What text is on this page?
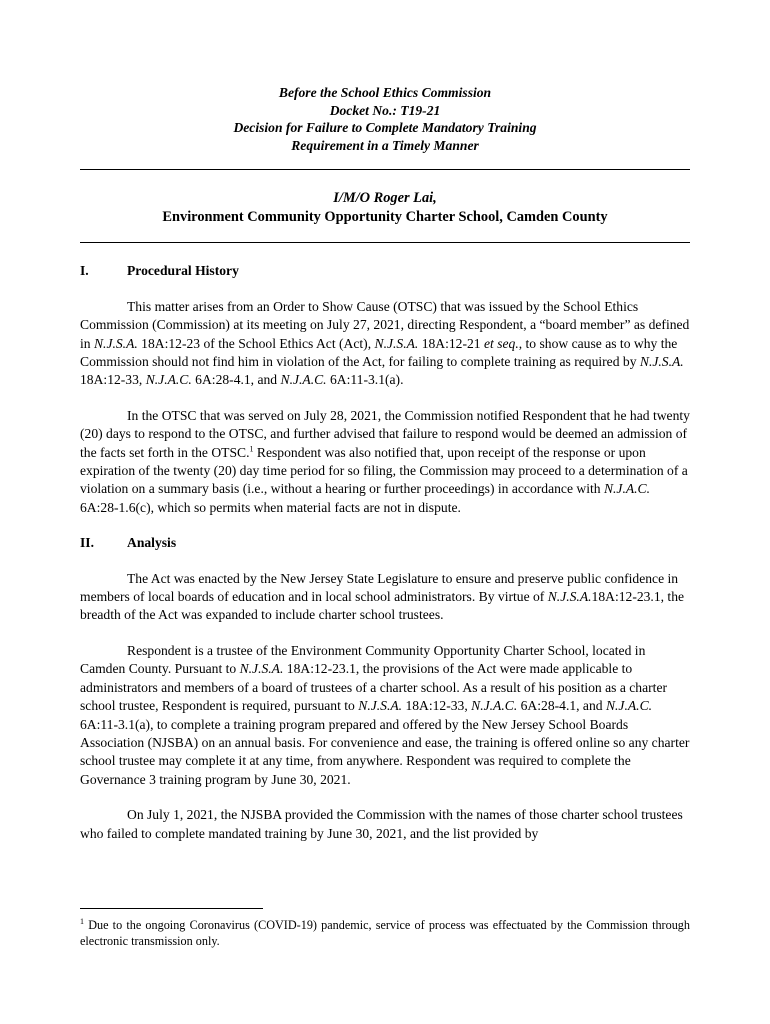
Before the School Ethics Commission
Docket No.: T19-21
Decision for Failure to Complete Mandatory Training
Requirement in a Timely Manner
I/M/O Roger Lai,
Environment Community Opportunity Charter School, Camden County
I.	Procedural History

This matter arises from an Order to Show Cause (OTSC) that was issued by the School Ethics Commission (Commission) at its meeting on July 27, 2021, directing Respondent, a “board member” as defined in N.J.S.A. 18A:12-23 of the School Ethics Act (Act), N.J.S.A. 18A:12-21 et seq., to show cause as to why the Commission should not find him in violation of the Act, for failing to complete training as required by N.J.S.A. 18A:12-33, N.J.A.C. 6A:28-4.1, and N.J.A.C. 6A:11-3.1(a).

In the OTSC that was served on July 28, 2021, the Commission notified Respondent that he had twenty (20) days to respond to the OTSC, and further advised that failure to respond would be deemed an admission of the facts set forth in the OTSC.$^1$ Respondent was also notified that, upon receipt of the response or upon expiration of the twenty (20) day time period for so filing, the Commission may proceed to a determination of a violation on a summary basis (i.e., without a hearing or further proceedings) in accordance with N.J.A.C. 6A:28-1.6(c), which so permits when material facts are not in dispute.

II. Analysis

The Act was enacted by the New Jersey State Legislature to ensure and preserve public confidence in members of local boards of education and in local school administrators. By virtue of N.J.S.A.18A:12-23.1, the breadth of the Act was expanded to include charter school trustees.

Respondent is a trustee of the Environment Community Opportunity Charter School, located in Camden County. Pursuant to N.J.S.A. 18A:12-23.1, the provisions of the Act were made applicable to administrators and members of a board of trustees of a charter school. As a result of his position as a charter school trustee, Respondent is required, pursuant to N.J.S.A. 18A:12-33, N.J.A.C. 6A:28-4.1, and N.J.A.C. 6A:11-3.1(a), to complete a training program prepared and offered by the New Jersey School Boards Association (NJSBA) on an annual basis. For convenience and ease, the training is offered online so any charter school trustee may complete it at any time, from anywhere. Respondent was required to complete the Governance 3 training program by June 30, 2021.

On July 1, 2021, the NJSBA provided the Commission with the names of those charter school trustees who failed to complete mandated training by June 30, 2021, and the list provided by

$^1$ Due to the ongoing Coronavirus (COVID-19) pandemic, service of process was effectuated by the Commission through electronic transmission only.
